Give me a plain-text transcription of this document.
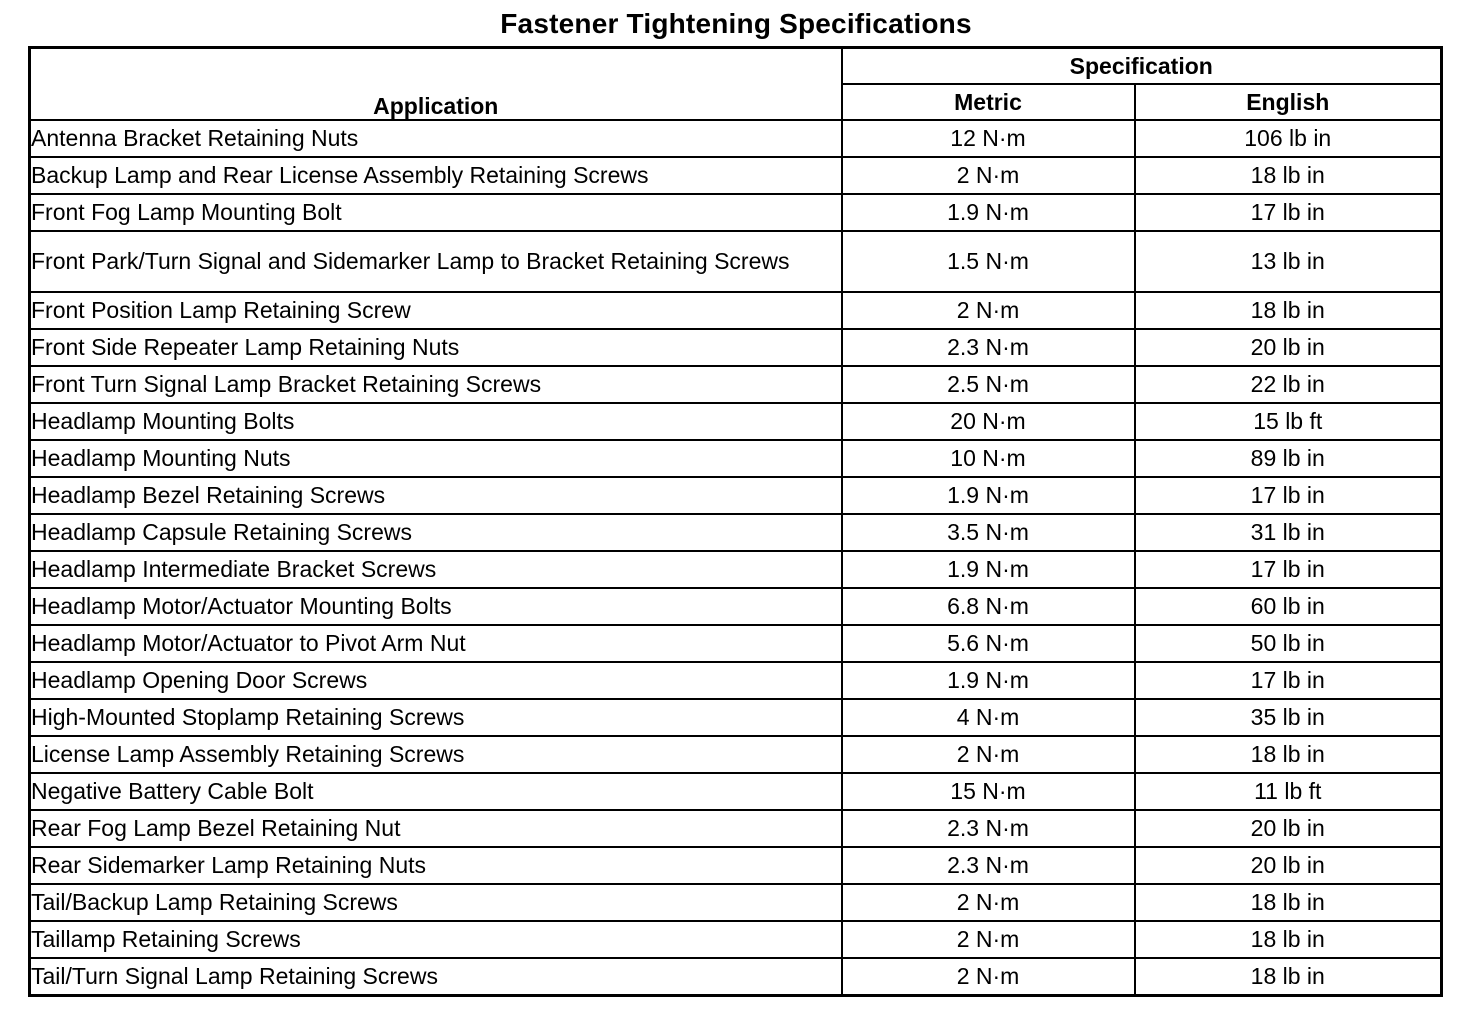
Fastener Tightening Specifications
Application	Specification	
	Metric	English
Antenna Bracket Retaining Nuts	12 N·m	106 lb in
Backup Lamp and Rear License Assembly Retaining Screws	2 N·m	18 lb in
Front Fog Lamp Mounting Bolt	1.9 N·m	17 lb in
Front Park/Turn Signal and Sidemarker Lamp to Bracket Retaining Screws	1.5 N·m	13 lb in
Front Position Lamp Retaining Screw	2 N·m	18 lb in
Front Side Repeater Lamp Retaining Nuts	2.3 N·m	20 lb in
Front Turn Signal Lamp Bracket Retaining Screws	2.5 N·m	22 lb in
Headlamp Mounting Bolts	20 N·m	15 lb ft
Headlamp Mounting Nuts	10 N·m	89 lb in
Headlamp Bezel Retaining Screws	1.9 N·m	17 lb in
Headlamp Capsule Retaining Screws	3.5 N·m	31 lb in
Headlamp Intermediate Bracket Screws	1.9 N·m	17 lb in
Headlamp Motor/Actuator Mounting Bolts	6.8 N·m	60 lb in
Headlamp Motor/Actuator to Pivot Arm Nut	5.6 N·m	50 lb in
Headlamp Opening Door Screws	1.9 N·m	17 lb in
High-Mounted Stoplamp Retaining Screws	4 N·m	35 lb in
License Lamp Assembly Retaining Screws	2 N·m	18 lb in
Negative Battery Cable Bolt	15 N·m	11 lb ft
Rear Fog Lamp Bezel Retaining Nut	2.3 N·m	20 lb in
Rear Sidemarker Lamp Retaining Nuts	2.3 N·m	20 lb in
Tail/Backup Lamp Retaining Screws	2 N·m	18 lb in
Taillamp Retaining Screws	2 N·m	18 lb in
Tail/Turn Signal Lamp Retaining Screws	2 N·m	18 lb in
